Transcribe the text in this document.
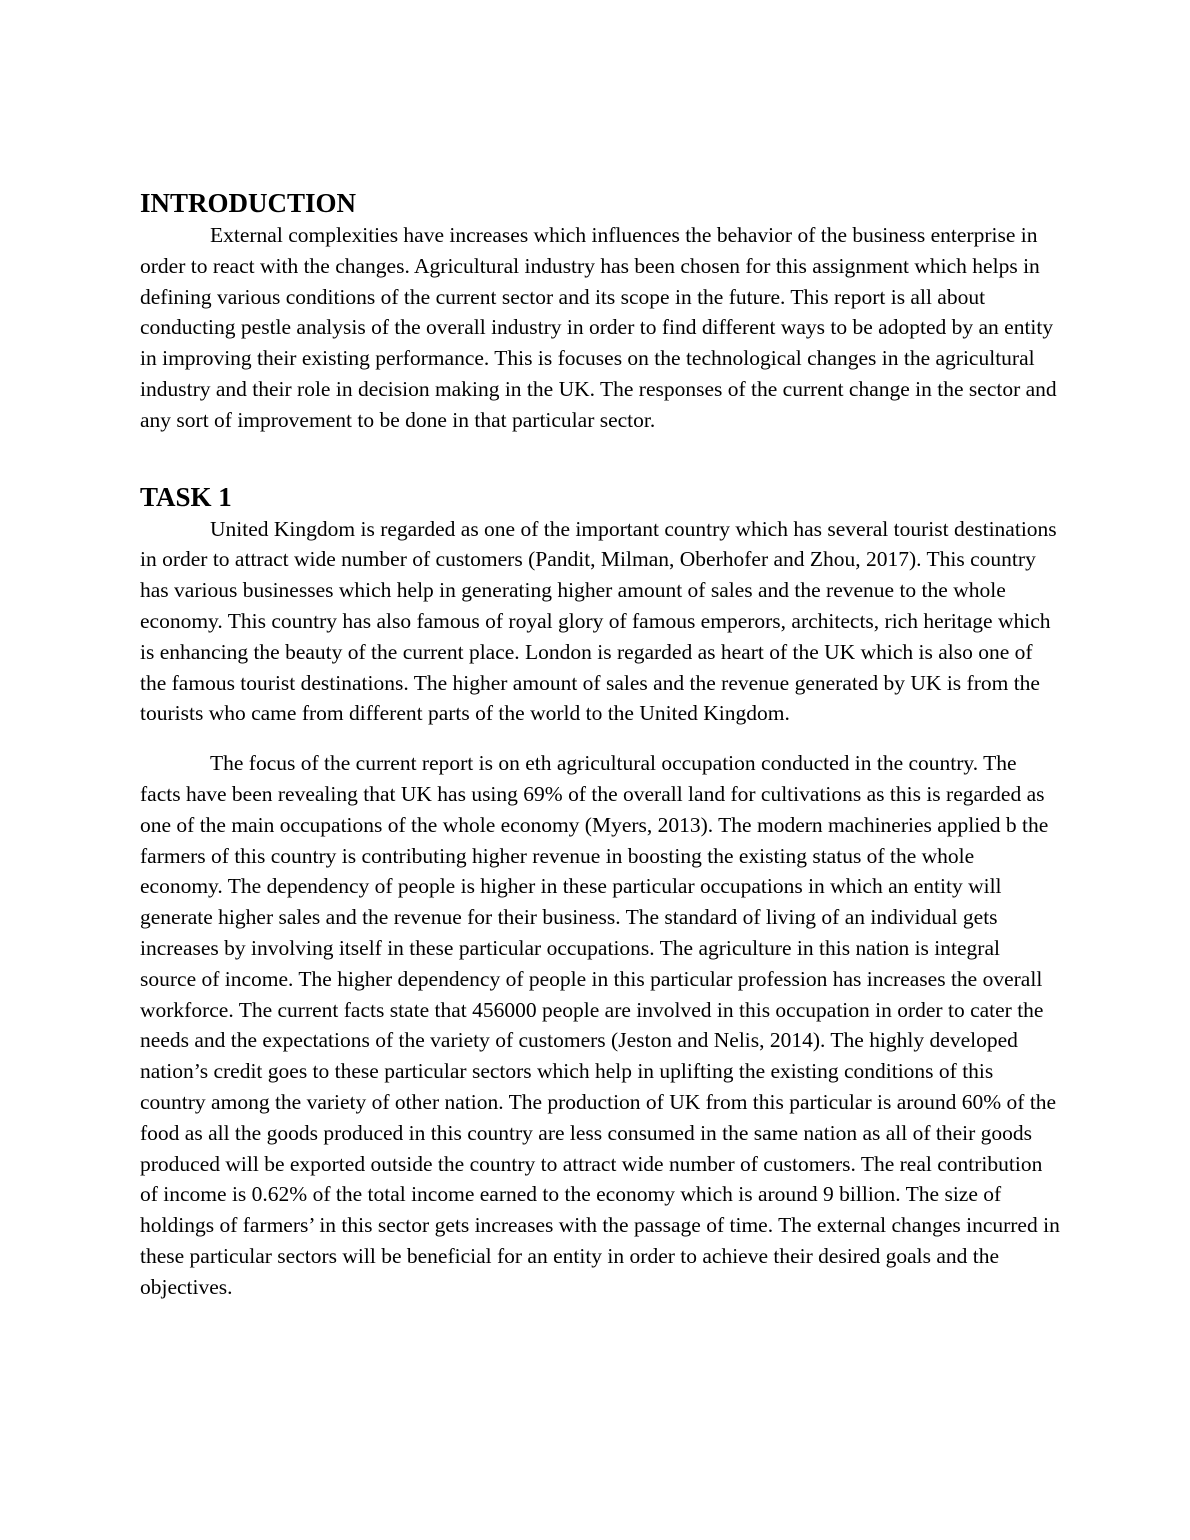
INTRODUCTION

External complexities have increases which influences the behavior of the business enterprise in order to react with the changes. Agricultural industry has been chosen for this assignment which helps in defining various conditions of the current sector and its scope in the future. This report is all about conducting pestle analysis of the overall industry in order to find different ways to be adopted by an entity in improving their existing performance. This is focuses on the technological changes in the agricultural industry and their role in decision making in the UK. The responses of the current change in the sector and any sort of improvement to be done in that particular sector.

TASK 1

United Kingdom is regarded as one of the important country which has several tourist destinations in order to attract wide number of customers (Pandit, Milman, Oberhofer and Zhou, 2017). This country has various businesses which help in generating higher amount of sales and the revenue to the whole economy. This country has also famous of royal glory of famous emperors, architects, rich heritage which is enhancing the beauty of the current place. London is regarded as heart of the UK which is also one of the famous tourist destinations. The higher amount of sales and the revenue generated by UK is from the tourists who came from different parts of the world to the United Kingdom.

The focus of the current report is on eth agricultural occupation conducted in the country. The facts have been revealing that UK has using 69% of the overall land for cultivations as this is regarded as one of the main occupations of the whole economy (Myers, 2013). The modern machineries applied b the farmers of this country is contributing higher revenue in boosting the existing status of the whole economy. The dependency of people is higher in these particular occupations in which an entity will generate higher sales and the revenue for their business. The standard of living of an individual gets increases by involving itself in these particular occupations. The agriculture in this nation is integral source of income. The higher dependency of people in this particular profession has increases the overall workforce. The current facts state that 456000 people are involved in this occupation in order to cater the needs and the expectations of the variety of customers (Jeston and Nelis, 2014). The highly developed nation’s credit goes to these particular sectors which help in uplifting the existing conditions of this country among the variety of other nation. The production of UK from this particular is around 60% of the food as all the goods produced in this country are less consumed in the same nation as all of their goods produced will be exported outside the country to attract wide number of customers. The real contribution of income is 0.62% of the total income earned to the economy which is around 9 billion. The size of holdings of farmers’ in this sector gets increases with the passage of time. The external changes incurred in these particular sectors will be beneficial for an entity in order to achieve their desired goals and the objectives.
